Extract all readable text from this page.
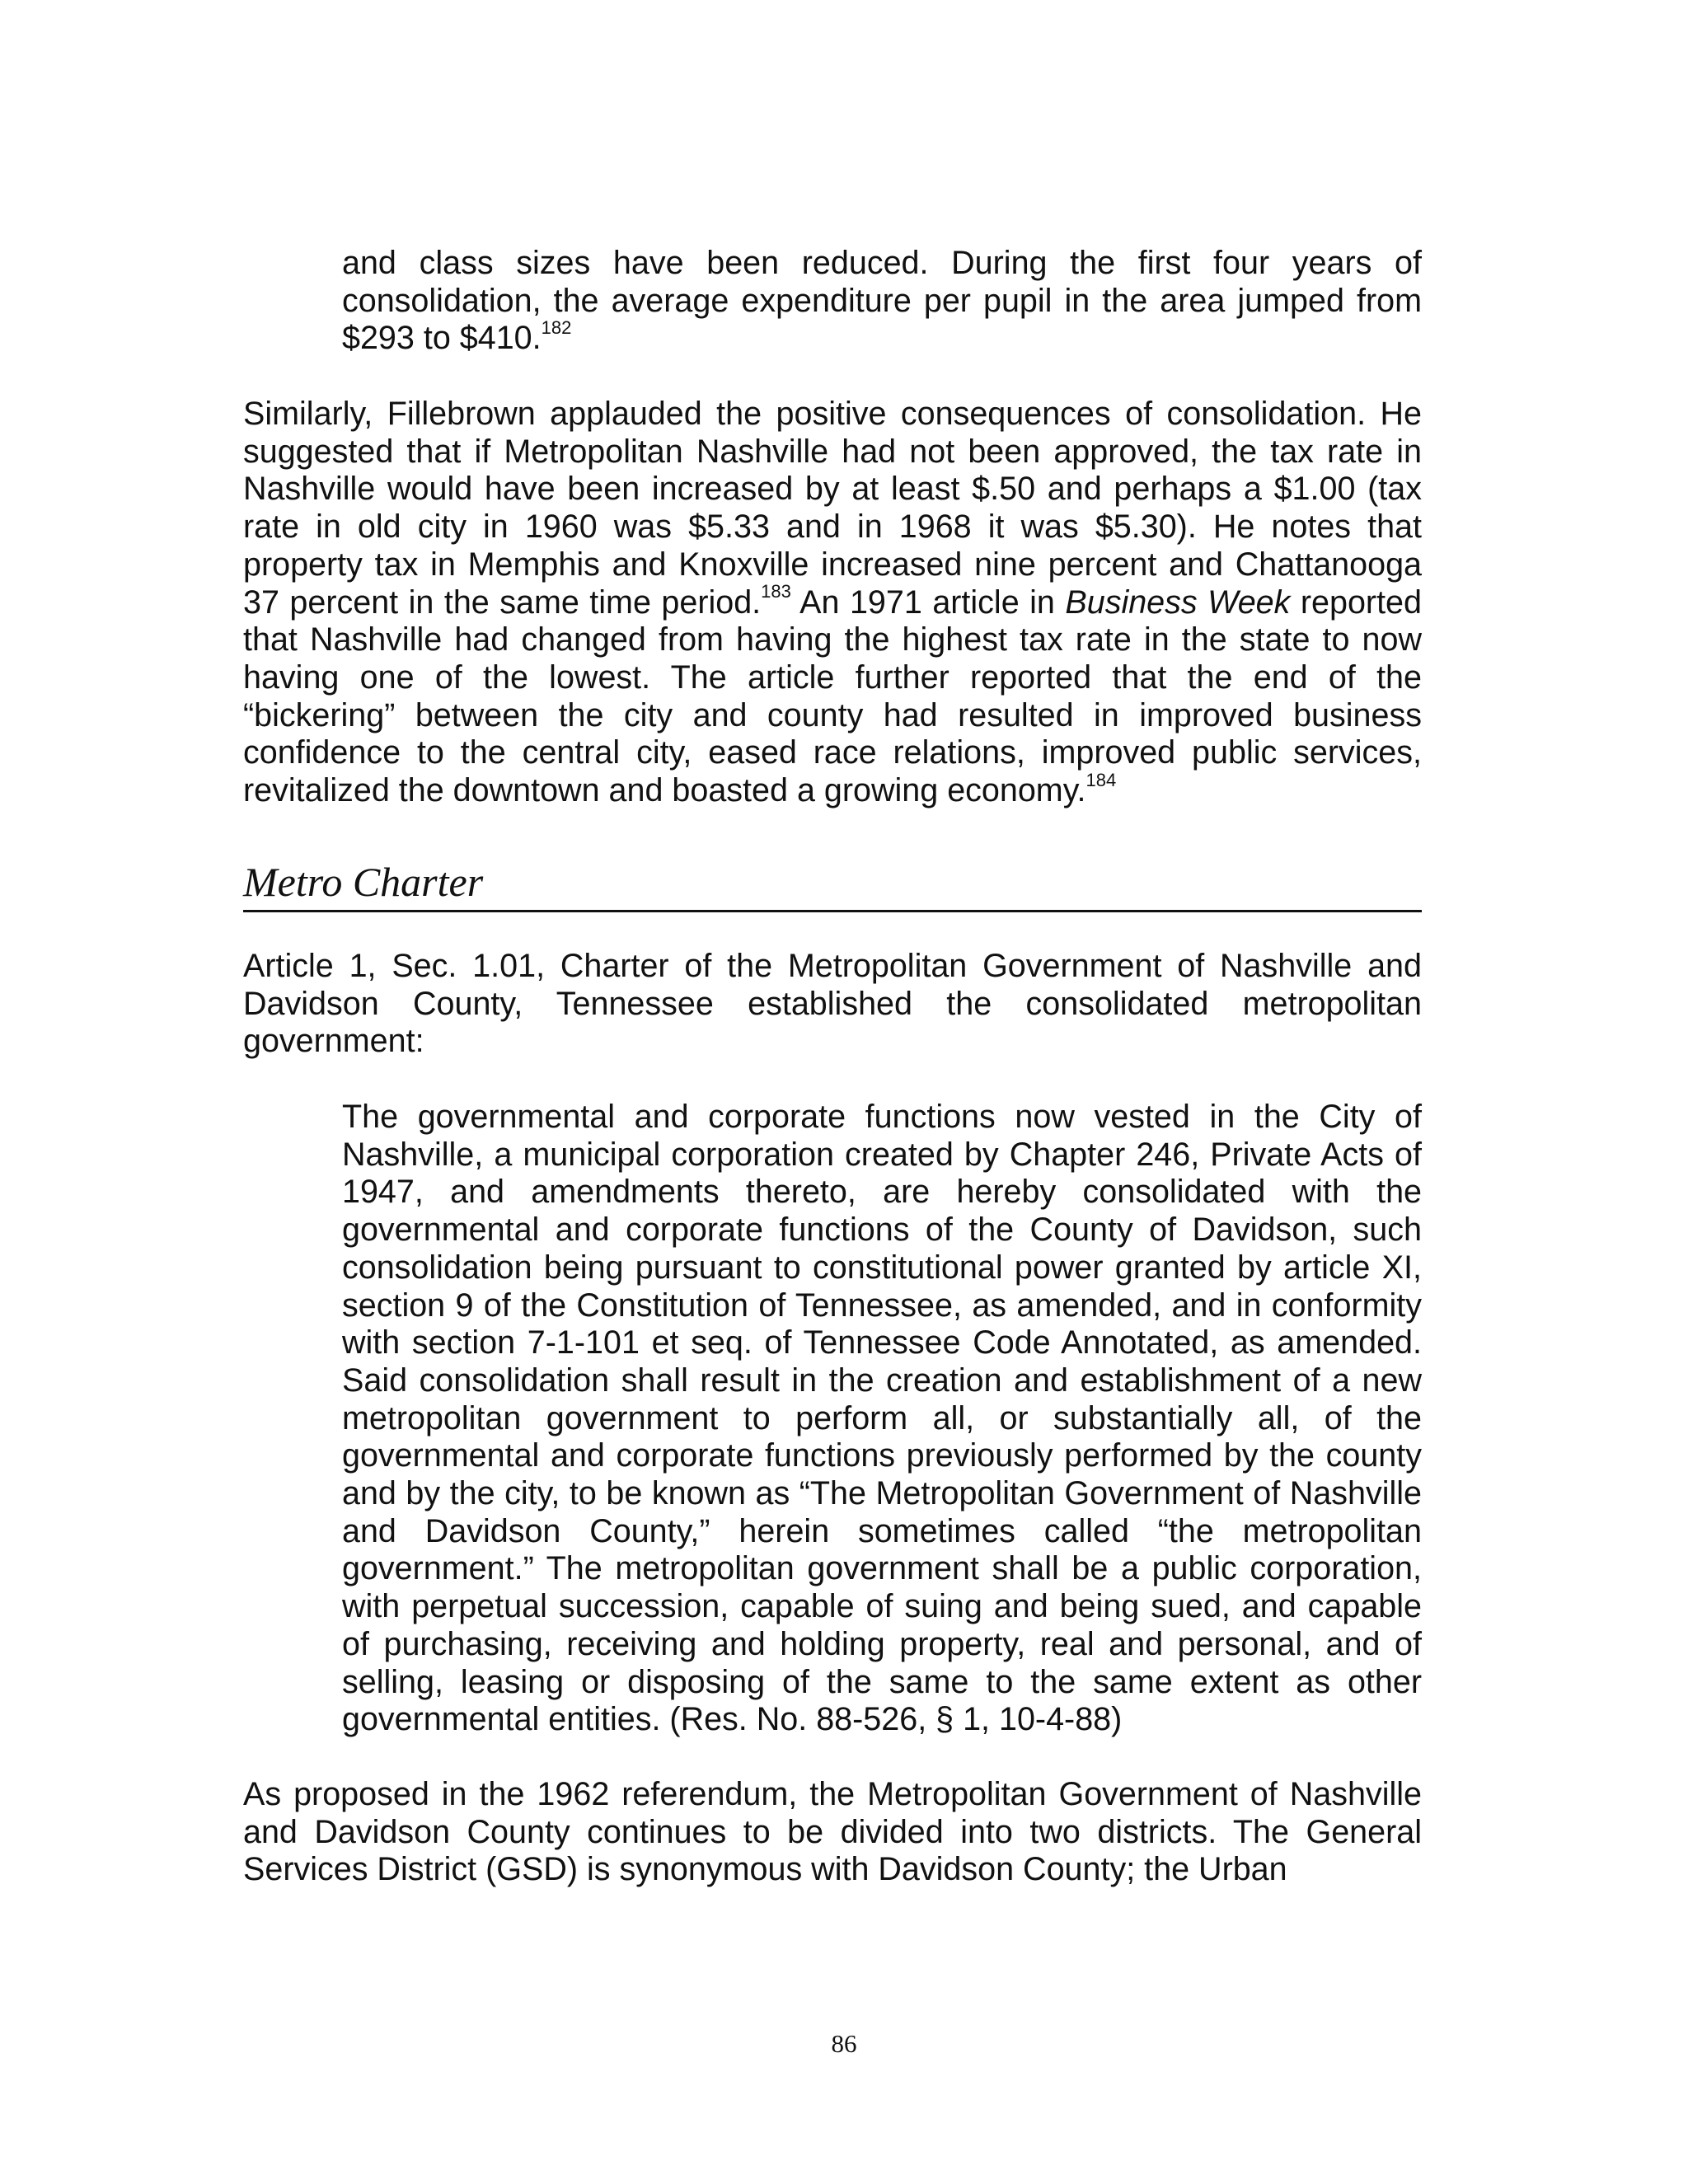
and class sizes have been reduced. During the first four years of consolidation, the average expenditure per pupil in the area jumped from $293 to $410.$^{182}$

Similarly, Fillebrown applauded the positive consequences of consolidation. He suggested that if Metropolitan Nashville had not been approved, the tax rate in Nashville would have been increased by at least $.50 and perhaps a $1.00 (tax rate in old city in 1960 was $5.33 and in 1968 it was $5.30). He notes that property tax in Memphis and Knoxville increased nine percent and Chattanooga 37 percent in the same time period.$^{183}$ An 1971 article in Business Week reported that Nashville had changed from having the highest tax rate in the state to now having one of the lowest. The article further reported that the end of the “bickering” between the city and county had resulted in improved business confidence to the central city, eased race relations, improved public services, revitalized the downtown and boasted a growing economy.$^{184}$

Metro Charter

Article 1, Sec. 1.01, Charter of the Metropolitan Government of Nashville and Davidson County, Tennessee established the consolidated metropolitan government:

The governmental and corporate functions now vested in the City of Nashville, a municipal corporation created by Chapter 246, Private Acts of 1947, and amendments thereto, are hereby consolidated with the governmental and corporate functions of the County of Davidson, such consolidation being pursuant to constitutional power granted by article XI, section 9 of the Constitution of Tennessee, as amended, and in conformity with section 7-1-101 et seq. of Tennessee Code Annotated, as amended. Said consolidation shall result in the creation and establishment of a new metropolitan government to perform all, or substantially all, of the governmental and corporate functions previously performed by the county and by the city, to be known as “The Metropolitan Government of Nashville and Davidson County,” herein sometimes called “the metropolitan government.” The metropolitan government shall be a public corporation, with perpetual succession, capable of suing and being sued, and capable of purchasing, receiving and holding property, real and personal, and of selling, leasing or disposing of the same to the same extent as other governmental entities. (Res. No. 88-526, § 1, 10-4-88)

As proposed in the 1962 referendum, the Metropolitan Government of Nashville and Davidson County continues to be divided into two districts. The General Services District (GSD) is synonymous with Davidson County; the Urban

86
